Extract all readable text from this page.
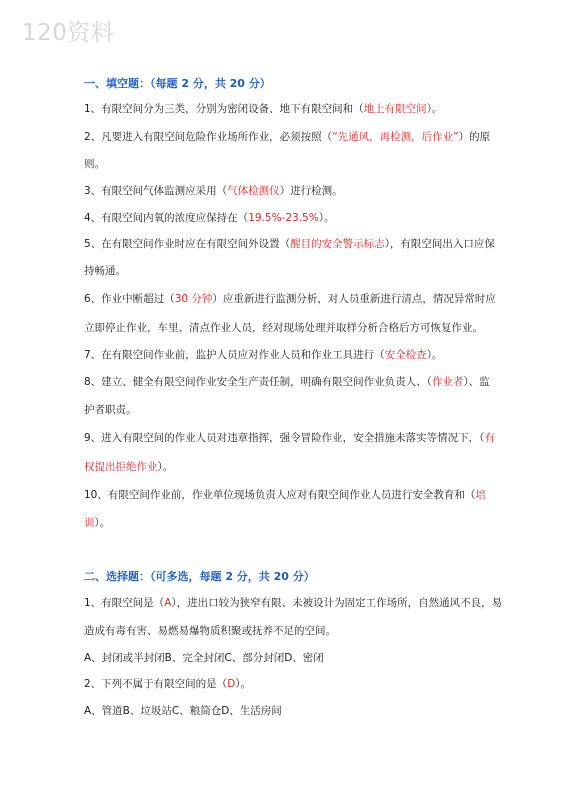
120资料
一、填空题：（每题 2 分，共 20 分）
1、有限空间分为三类，分别为密闭设备、地下有限空间和（地上有限空间）。
2、凡要进入有限空间危险作业场所作业，必须按照（“先通风，再检测，后作业”）的原
则。
3、有限空间气体监测应采用（气体检测仪）进行检测。
4、有限空间内氧的浓度应保持在（19.5%-23.5%）。
5、在有限空间作业时应在有限空间外设置（醒目的安全警示标志），有限空间出入口应保
持畅通。
6、作业中断超过（30 分钟）应重新进行监测分析，对人员重新进行清点，情况异常时应
立即停止作业，车里、清点作业人员，经对现场处理并取样分析合格后方可恢复作业。
7、在有限空间作业前，监护人员应对作业人员和作业工具进行（安全检查）。
8、建立、健全有限空间作业安全生产责任制，明确有限空间作业负责人、（作业者）、监
护者职责。
9、进入有限空间的作业人员对违章指挥，强令冒险作业，安全措施未落实等情况下，（有
权提出拒绝作业）。
10、有限空间作业前，作业单位现场负责人应对有限空间作业人员进行安全教育和（培
训）。
二、选择题：（可多选，每题 2 分，共 20 分）
1、有限空间是（A），进出口较为狭窄有限、未被设计为固定工作场所，自然通风不良，易
造成有毒有害、易燃易爆物质积聚或抚养不足的空间。
A、封闭或半封闭B、完全封闭C、部分封闭D、密闭
2、下列不属于有限空间的是（D）。
A、管道B、垃圾站C、粮筒仓D、生活房间
